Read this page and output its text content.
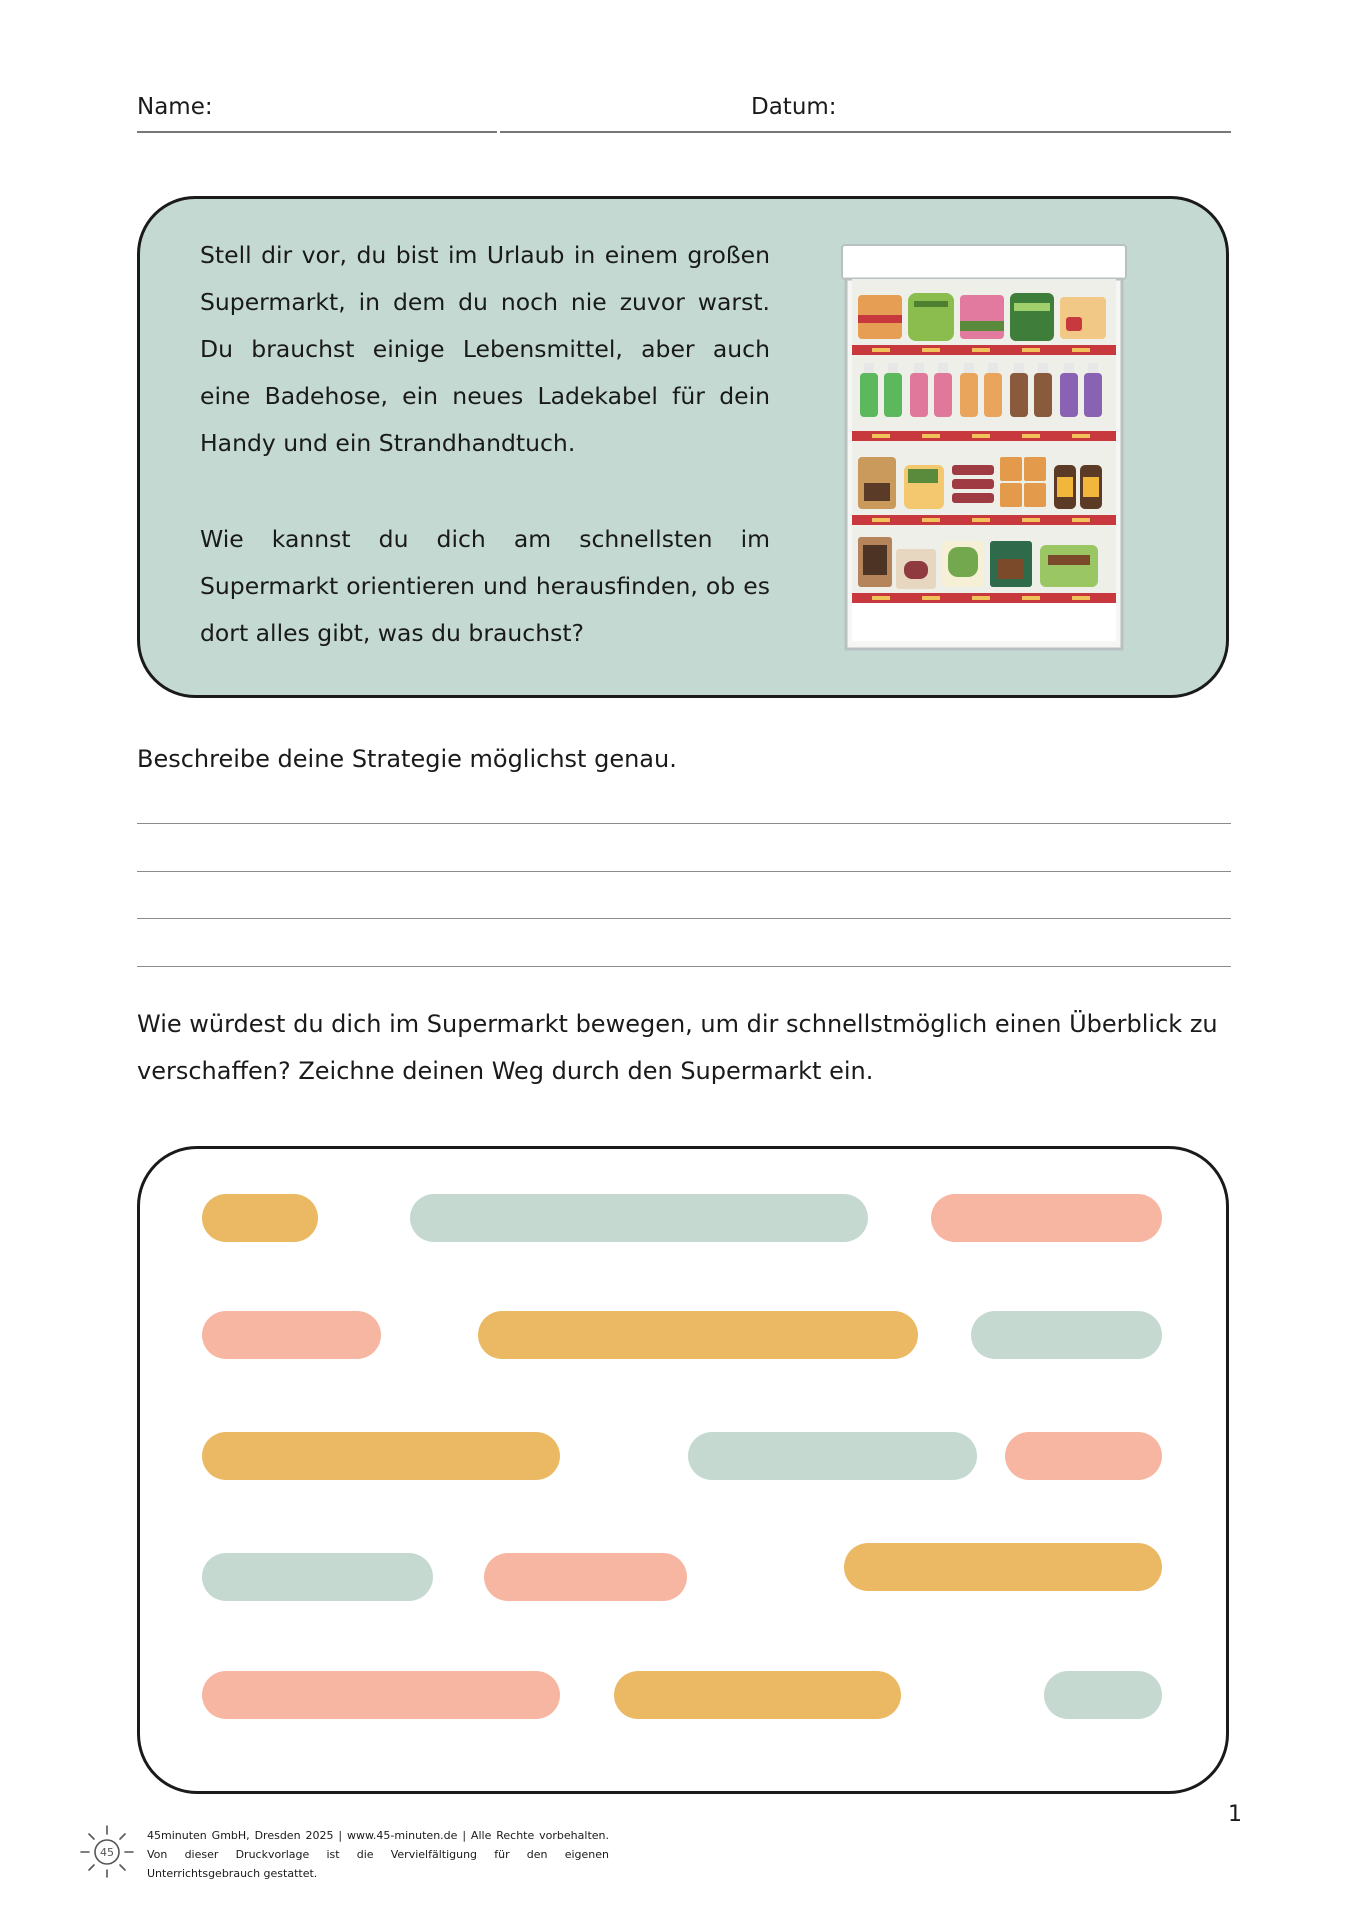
Name:	Datum:
Stell dir vor, du bist im Urlaub in einem großen Supermarkt, in dem du noch nie zuvor warst. Du brauchst einige Lebensmittel, aber auch eine Badehose, ein neues Ladekabel für dein Handy und ein Strandhandtuch.
Wie kannst du dich am schnellsten im Supermarkt orientieren und herausfinden, ob es dort alles gibt, was du brauchst?
Beschreibe deine Strategie möglichst genau.
Wie würdest du dich im Supermarkt bewegen, um dir schnellstmöglich einen Überblick zu
verschaffen? Zeichne deinen Weg durch den Supermarkt ein.
45
45minuten GmbH, Dresden 2025 | www.45-minuten.de | Alle Rechte vorbehalten. Von dieser Druckvorlage ist die Vervielfältigung für den eigenen Unterrichtsgebrauch gestattet.
1
